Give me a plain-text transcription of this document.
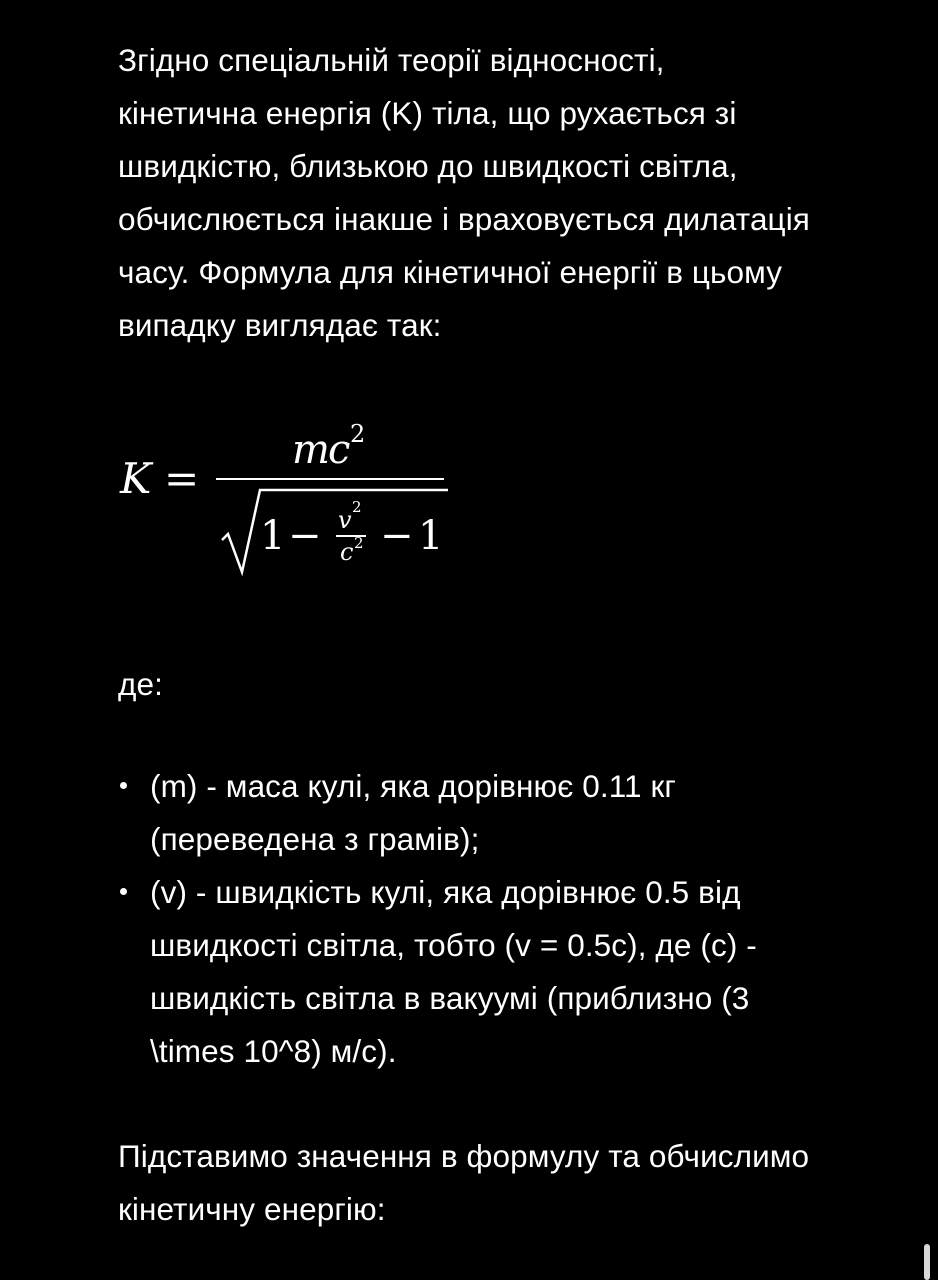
Згідно спеціальній теорії відносності,
кінетична енергія (K) тіла, що рухається зі
швидкістю, близькою до швидкості світла,
обчислюється інакше і враховується дилатація
часу. Формула для кінетичної енергії в цьому
випадку виглядає так:
K =
m
c 2
1 − v 2
c 2 − 1
де:
(m) - маса кулі, яка дорівнює 0.11 кг
(переведена з грамів);
(v) - швидкість кулі, яка дорівнює 0.5 від
швидкості світла, тобто (v = 0.5c), де (c) -
швидкість світла в вакуумі (приблизно (3
\times 10^8) м/с).
Підставимо значення в формулу та обчислимо
кінетичну енергію:
